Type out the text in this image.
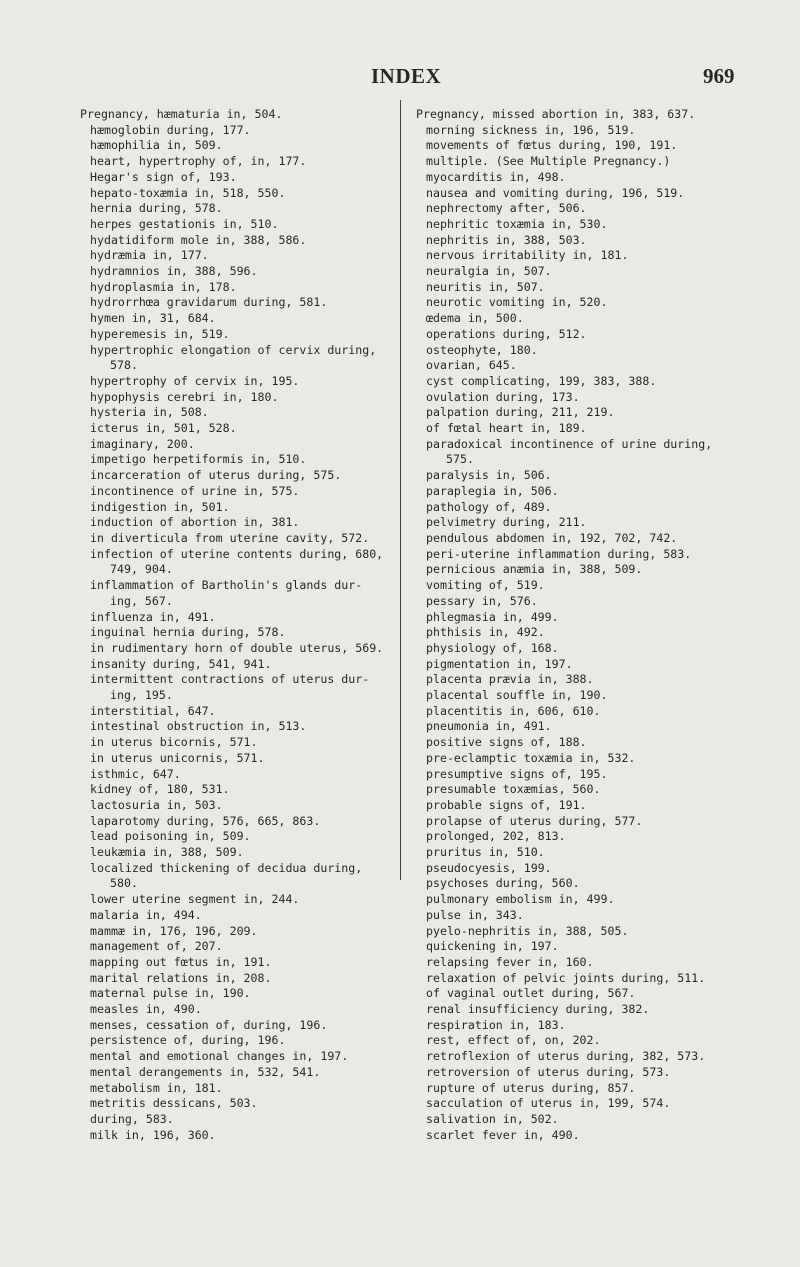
INDEX	969
Pregnancy, hæmaturia in, 504.
hæmoglobin during, 177.
hæmophilia in, 509.
heart, hypertrophy of, in, 177.
Hegar's sign of, 193.
hepato-toxæmia in, 518, 550.
hernia during, 578.
herpes gestationis in, 510.
hydatidiform mole in, 388, 586.
hydræmia in, 177.
hydramnios in, 388, 596.
hydroplasmia in, 178.
hydrorrhœa gravidarum during, 581.
hymen in, 31, 684.
hyperemesis in, 519.
hypertrophic elongation of cervix during,
578.
hypertrophy of cervix in, 195.
hypophysis cerebri in, 180.
hysteria in, 508.
icterus in, 501, 528.
imaginary, 200.
impetigo herpetiformis in, 510.
incarceration of uterus during, 575.
incontinence of urine in, 575.
indigestion in, 501.
induction of abortion in, 381.
in diverticula from uterine cavity, 572.
infection of uterine contents during, 680,
749, 904.
inflammation of Bartholin's glands dur-
ing, 567.
influenza in, 491.
inguinal hernia during, 578.
in rudimentary horn of double uterus, 569.
insanity during, 541, 941.
intermittent contractions of uterus dur-
ing, 195.
interstitial, 647.
intestinal obstruction in, 513.
in uterus bicornis, 571.
in uterus unicornis, 571.
isthmic, 647.
kidney of, 180, 531.
lactosuria in, 503.
laparotomy during, 576, 665, 863.
lead poisoning in, 509.
leukæmia in, 388, 509.
localized thickening of decidua during,
580.
lower uterine segment in, 244.
malaria in, 494.
mammæ in, 176, 196, 209.
management of, 207.
mapping out fœtus in, 191.
marital relations in, 208.
maternal pulse in, 190.
measles in, 490.
menses, cessation of, during, 196.
persistence of, during, 196.
mental and emotional changes in, 197.
mental derangements in, 532, 541.
metabolism in, 181.
metritis dessicans, 503.
during, 583.
milk in, 196, 360.
Pregnancy, missed abortion in, 383, 637.
morning sickness in, 196, 519.
movements of fœtus during, 190, 191.
multiple. (See Multiple Pregnancy.)
myocarditis in, 498.
nausea and vomiting during, 196, 519.
nephrectomy after, 506.
nephritic toxæmia in, 530.
nephritis in, 388, 503.
nervous irritability in, 181.
neuralgia in, 507.
neuritis in, 507.
neurotic vomiting in, 520.
œdema in, 500.
operations during, 512.
osteophyte, 180.
ovarian, 645.
cyst complicating, 199, 383, 388.
ovulation during, 173.
palpation during, 211, 219.
of fœtal heart in, 189.
paradoxical incontinence of urine during,
575.
paralysis in, 506.
paraplegia in, 506.
pathology of, 489.
pelvimetry during, 211.
pendulous abdomen in, 192, 702, 742.
peri-uterine inflammation during, 583.
pernicious anæmia in, 388, 509.
vomiting of, 519.
pessary in, 576.
phlegmasia in, 499.
phthisis in, 492.
physiology of, 168.
pigmentation in, 197.
placenta prævia in, 388.
placental souffle in, 190.
placentitis in, 606, 610.
pneumonia in, 491.
positive signs of, 188.
pre-eclamptic toxæmia in, 532.
presumptive signs of, 195.
presumable toxæmias, 560.
probable signs of, 191.
prolapse of uterus during, 577.
prolonged, 202, 813.
pruritus in, 510.
pseudocyesis, 199.
psychoses during, 560.
pulmonary embolism in, 499.
pulse in, 343.
pyelo-nephritis in, 388, 505.
quickening in, 197.
relapsing fever in, 160.
relaxation of pelvic joints during, 511.
of vaginal outlet during, 567.
renal insufficiency during, 382.
respiration in, 183.
rest, effect of, on, 202.
retroflexion of uterus during, 382, 573.
retroversion of uterus during, 573.
rupture of uterus during, 857.
sacculation of uterus in, 199, 574.
salivation in, 502.
scarlet fever in, 490.
